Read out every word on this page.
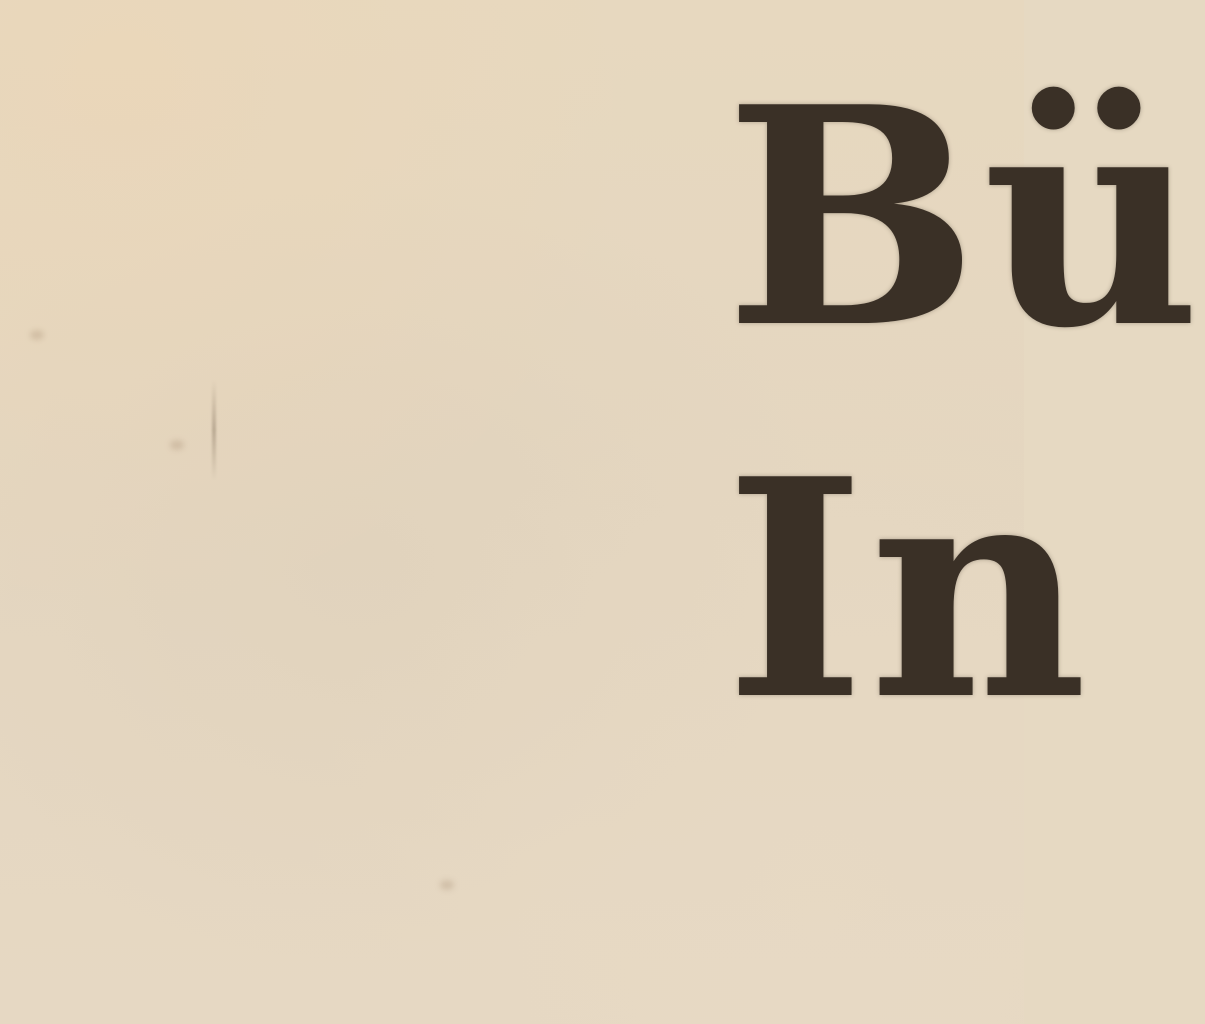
Bü
In
